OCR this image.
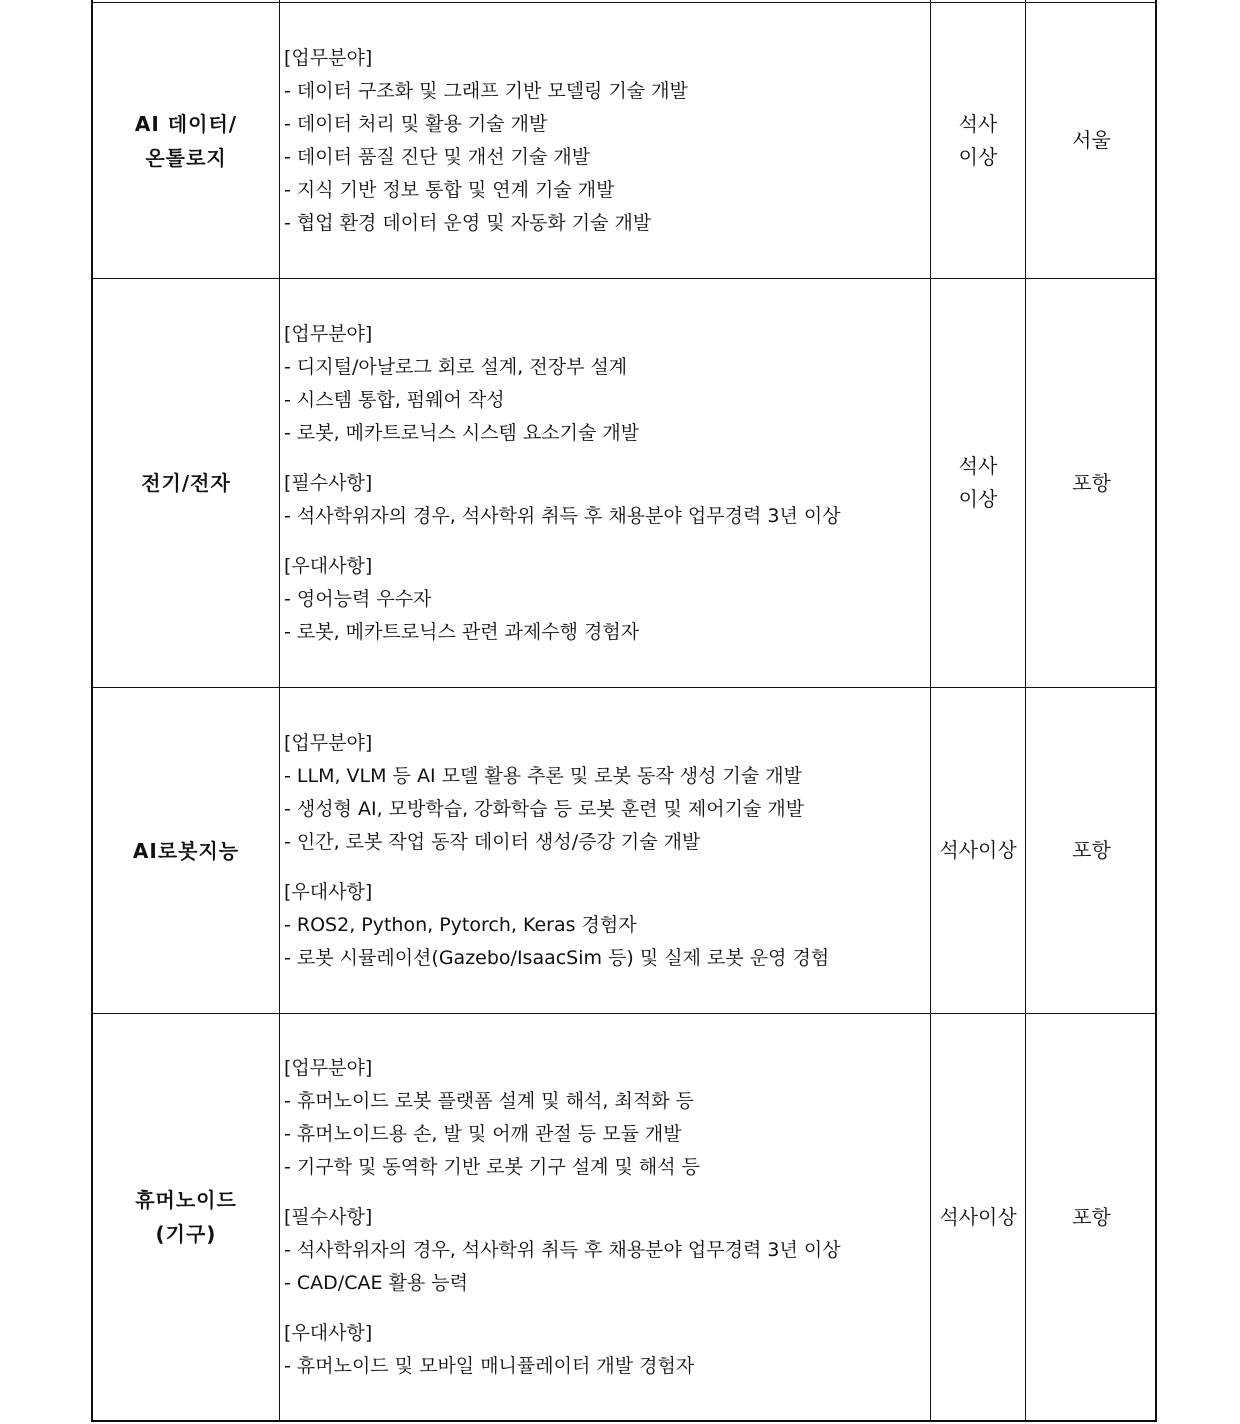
AI 데이터/
온톨로지
[업무분야]
- 데이터 구조화 및 그래프 기반 모델링 기술 개발
- 데이터 처리 및 활용 기술 개발
- 데이터 품질 진단 및 개선 기술 개발
- 지식 기반 정보 통합 및 연계 기술 개발
- 협업 환경 데이터 운영 및 자동화 기술 개발
석사
이상
서울
전기/전자
[업무분야]
- 디지털/아날로그 회로 설계, 전장부 설계
- 시스템 통합, 펌웨어 작성
- 로봇, 메카트로닉스 시스템 요소기술 개발
[필수사항]
- 석사학위자의 경우, 석사학위 취득 후 채용분야 업무경력 3년 이상
[우대사항]
- 영어능력 우수자
- 로봇, 메카트로닉스 관련 과제수행 경험자
석사
이상
포항
AI로봇지능
[업무분야]
- LLM, VLM 등 AI 모델 활용 추론 및 로봇 동작 생성 기술 개발
- 생성형 AI, 모방학습, 강화학습 등 로봇 훈련 및 제어기술 개발
- 인간, 로봇 작업 동작 데이터 생성/증강 기술 개발
[우대사항]
- ROS2, Python, Pytorch, Keras 경험자
- 로봇 시뮬레이션(Gazebo/IsaacSim 등) 및 실제 로봇 운영 경험
석사이상	포항
휴머노이드
(기구)
[업무분야]
- 휴머노이드 로봇 플랫폼 설계 및 해석, 최적화 등
- 휴머노이드용 손, 발 및 어깨 관절 등 모듈 개발
- 기구학 및 동역학 기반 로봇 기구 설계 및 해석 등
[필수사항]
- 석사학위자의 경우, 석사학위 취득 후 채용분야 업무경력 3년 이상
- CAD/CAE 활용 능력
[우대사항]
- 휴머노이드 및 모바일 매니퓰레이터 개발 경험자
석사이상	포항
